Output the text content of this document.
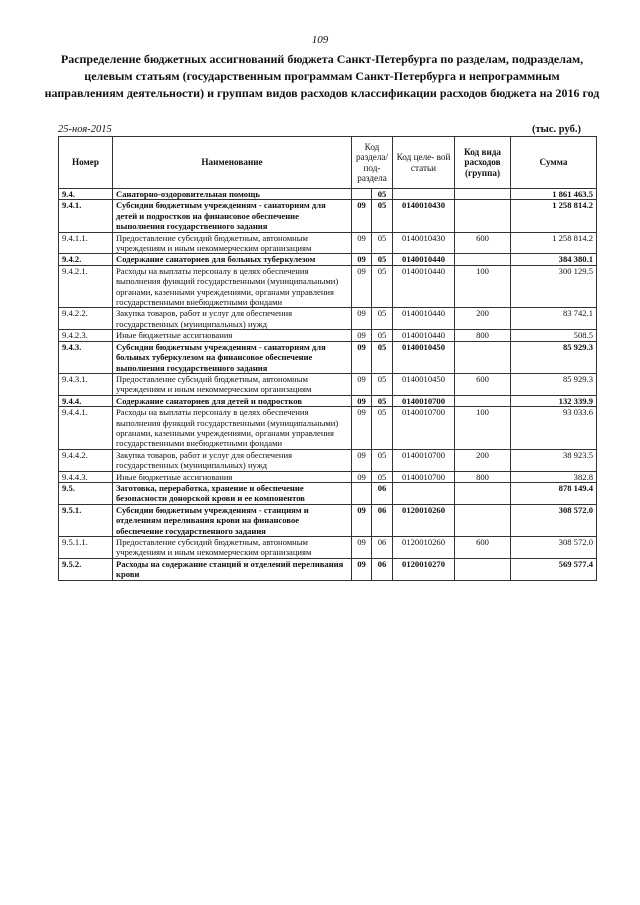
109
Распределение бюджетных ассигнований бюджета Санкт-Петербурга по разделам, подразделам, целевым статьям (государственным программам Санкт-Петербурга и непрограммным направлениям деятельности) и группам видов расходов классификации расходов бюджета на 2016 год
25-ноя-2015	(тыс. руб.)
Номер	Наименование	Код раздела/ под- раздела		Код целе- вой статьи	Код вида расходов (группа)	Сумма
9.4.	Санаторно-оздоровительная помощь		05			1 861 463.5
9.4.1.	Субсидии бюджетным учреждениям - санаториям для детей и подростков на финансовое обеспечение выполнения государственного задания	09	05	0140010430		1 258 814.2
9.4.1.1.	Предоставление субсидий бюджетным, автономным учреждениям и иным некоммерческим организациям	09	05	0140010430	600	1 258 814.2
9.4.2.	Содержание санаториев для больных туберкулезом	09	05	0140010440		384 380.1
9.4.2.1.	Расходы на выплаты персоналу в целях обеспечения выполнения функций государственными (муниципальными) органами, казенными учреждениями, органами управления государственными внебюджетными фондами	09	05	0140010440	100	300 129.5
9.4.2.2.	Закупка товаров, работ и услуг для обеспечения государственных (муниципальных) нужд	09	05	0140010440	200	83 742.1
9.4.2.3.	Иные бюджетные ассигнования	09	05	0140010440	800	508.5
9.4.3.	Субсидии бюджетным учреждениям - санаториям для больных туберкулезом на финансовое обеспечение выполнения государственного задания	09	05	0140010450		85 929.3
9.4.3.1.	Предоставление субсидий бюджетным, автономным учреждениям и иным некоммерческим организациям	09	05	0140010450	600	85 929.3
9.4.4.	Содержание санаториев для детей и подростков	09	05	0140010700		132 339.9
9.4.4.1.	Расходы на выплаты персоналу в целях обеспечения выполнения функций государственными (муниципальными) органами, казенными учреждениями, органами управления государственными внебюджетными фондами	09	05	0140010700	100	93 033.6
9.4.4.2.	Закупка товаров, работ и услуг для обеспечения государственных (муниципальных) нужд	09	05	0140010700	200	38 923.5
9.4.4.3.	Иные бюджетные ассигнования	09	05	0140010700	800	382.8
9.5.	Заготовка, переработка, хранение и обеспечение безопасности донорской крови и ее компонентов		06			878 149.4
9.5.1.	Субсидии бюджетным учреждениям - станциям и отделениям переливания крови на финансовое обеспечение государственного задания	09	06	0120010260		308 572.0
9.5.1.1.	Предоставление субсидий бюджетным, автономным учреждениям и иным некоммерческим организациям	09	06	0120010260	600	308 572.0
9.5.2.	Расходы на содержание станций и отделений переливания крови	09	06	0120010270		569 577.4
